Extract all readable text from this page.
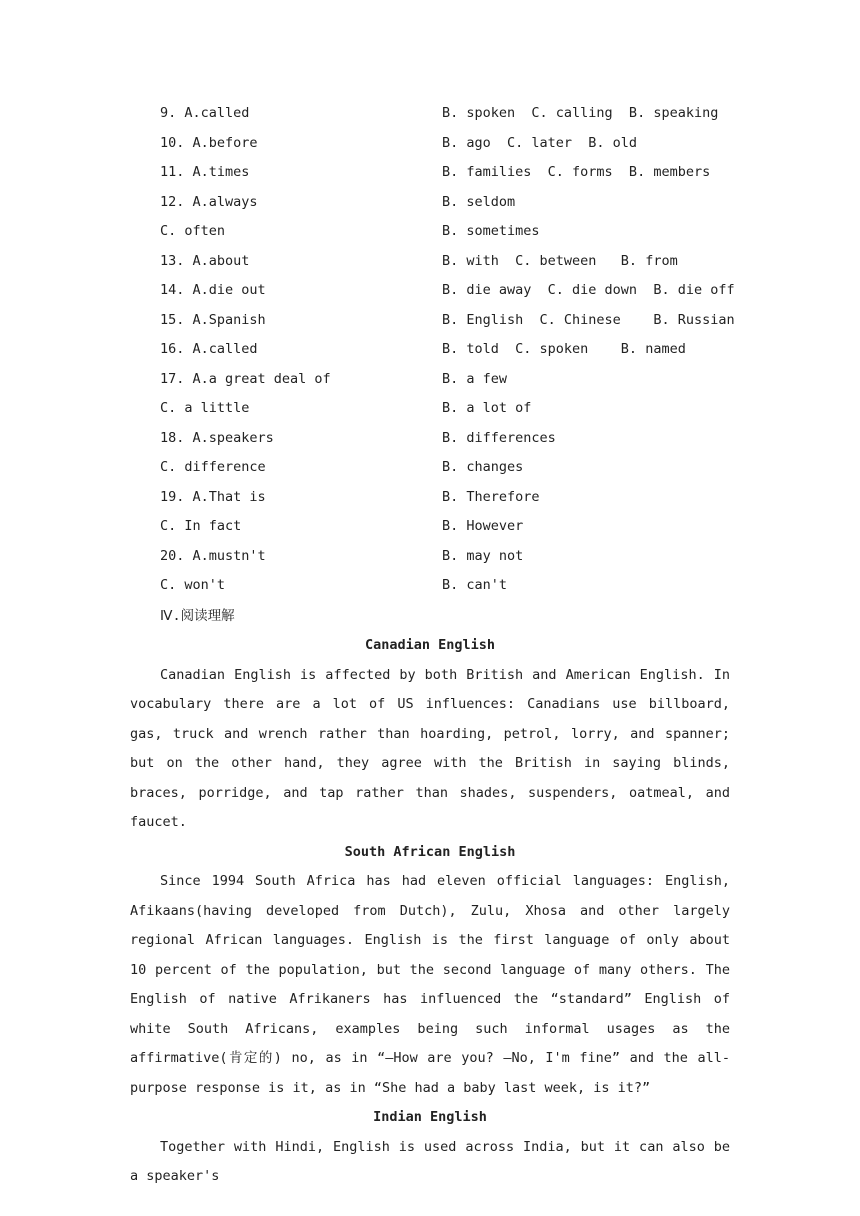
9. A.called	B. spoken  C. calling  B. speaking
10. A.before	B. ago  C. later  B. old
11. A.times	B. families  C. forms  B. members
12. A.always	B. seldom
C. often	B. sometimes
13. A.about	B. with  C. between   B. from
14. A.die out	B. die away  C. die down  B. die off
15. A.Spanish	B. English  C. Chinese    B. Russian
16. A.called	B. told  C. spoken    B. named
17. A.a great deal of	B. a few
C. a little	B. a lot of
18. A.speakers	B. differences
C. difference	B. changes
19. A.That is	B. Therefore
C. In fact	B. However
20. A.mustn't	B. may not
C. won't	B. can't
Ⅳ.阅读理解
Canadian English

Canadian English is affected by both British and American English. In vocabulary there are a lot of US influences: Canadians use billboard, gas, truck and wrench rather than hoarding, petrol, lorry, and spanner; but on the other hand, they agree with the British in saying blinds, braces, porridge, and tap rather than shades, suspenders, oatmeal, and faucet.

South African English

Since 1994 South Africa has had eleven official languages: English, Afikaans(having developed from Dutch), Zulu, Xhosa and other largely regional African languages. English is the first language of only about 10 percent of the population, but the second language of many others. The English of native Afrikaners has influenced the “standard” English of white South Africans, examples being such informal usages as the affirmative(肯定的) no, as in “—How are you? —No, I'm fine” and the all-purpose response is it, as in “She had a baby last week, is it?”

Indian English

Together with Hindi, English is used across India, but it can also be a speaker's
